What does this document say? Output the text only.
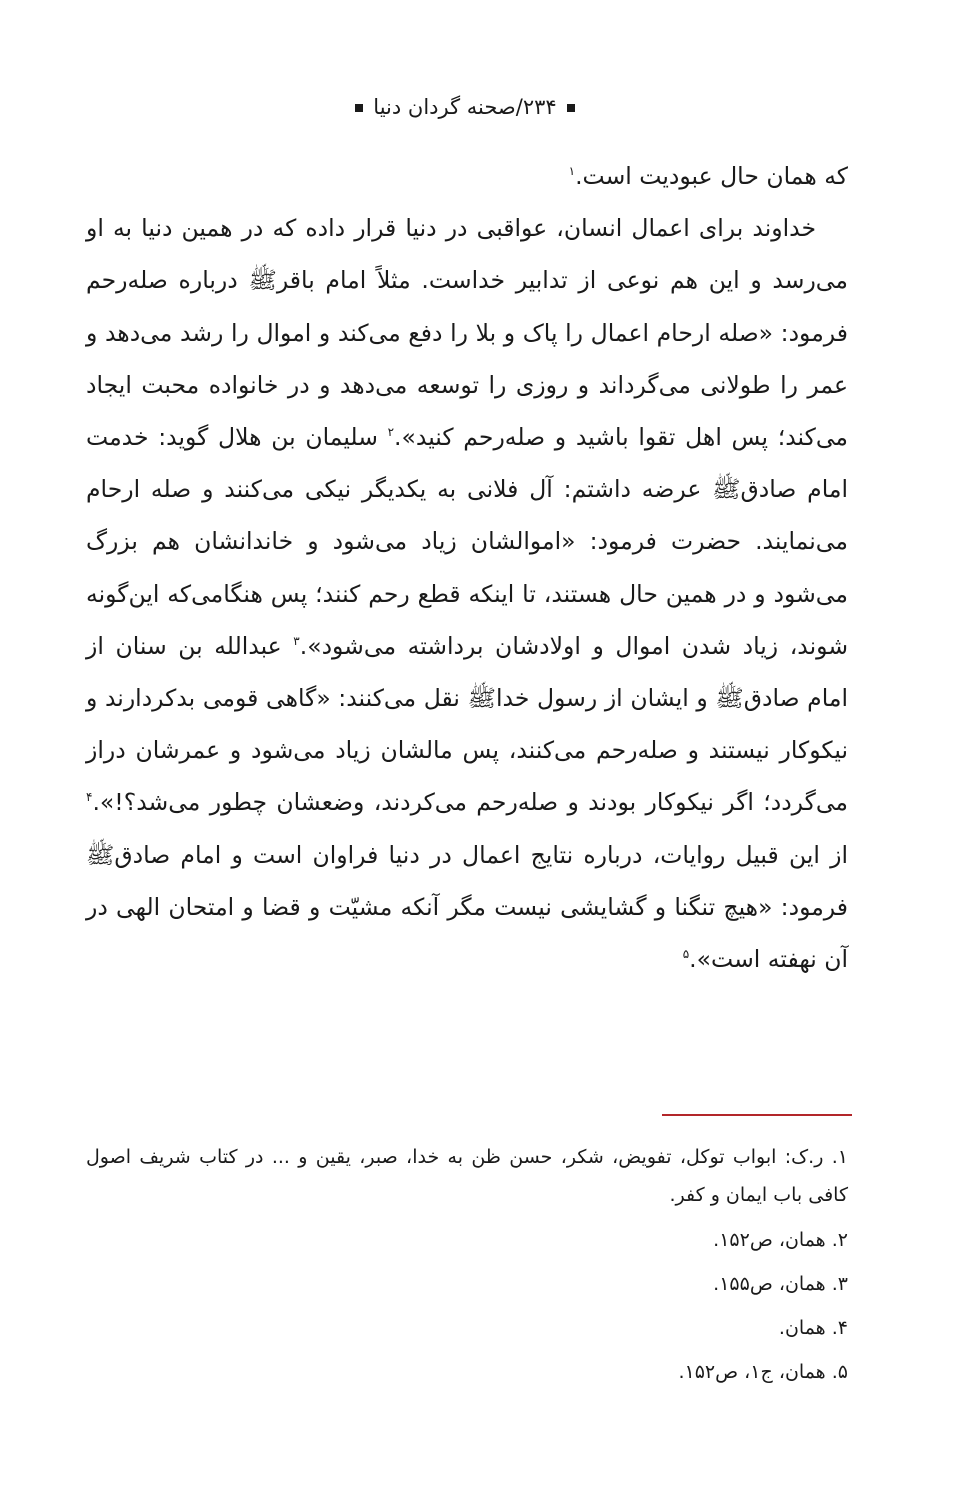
۲۳۴/صحنه گردان دنیا

که همان حال عبودیت است.$^۱$

خداوند برای اعمال انسان، عواقبی در دنیا قرار داده که در همین دنیا به او می‌رسد و این هم نوعی از تدابیر خداست. مثلاً امام باقرﷺ درباره صله‌رحم فرمود: «صله ارحام اعمال را پاک و بلا را دفع می‌کند و اموال را رشد می‌دهد و عمر را طولانی می‌گرداند و روزی را توسعه می‌دهد و در خانواده محبت ایجاد می‌کند؛ پس اهل تقوا باشید و صله‌رحم کنید».$^۲$ سلیمان بن هلال گوید: خدمت امام صادقﷺ عرضه داشتم: آل فلانی به یکدیگر نیکی می‌کنند و صله ارحام می‌نمایند. حضرت فرمود: «اموالشان زیاد می‌شود و خاندانشان هم بزرگ می‌شود و در همین حال هستند، تا اینکه قطع رحم کنند؛ پس هنگامی‌که این‌گونه شوند، زیاد شدن اموال و اولادشان برداشته می‌شود».$^۳$ عبدالله بن سنان از امام صادقﷺ و ایشان از رسول خداﷺ نقل می‌کنند: «گاهی قومی بدکردارند و نیکوکار نیستند و صله‌رحم می‌کنند، پس مالشان زیاد می‌شود و عمرشان دراز می‌گردد؛ اگر نیکوکار بودند و صله‌رحم می‌کردند، وضعشان چطور می‌شد؟!».$^۴$ از این قبیل روایات، درباره نتایج اعمال در دنیا فراوان است و امام صادقﷺ فرمود: «هیچ تنگنا و گشایشی نیست مگر آنکه مشیّت و قضا و امتحان الهی در آن نهفته است».$^۵$

۱. ر.ک: ابواب توکل، تفویض، شکر، حسن ظن به خدا، صبر، یقین و ... در کتاب شریف اصول کافی باب ایمان و کفر.
۲. همان، ص۱۵۲.
۳. همان، ص۱۵۵.
۴. همان.
۵. همان، ج۱، ص۱۵۲.
